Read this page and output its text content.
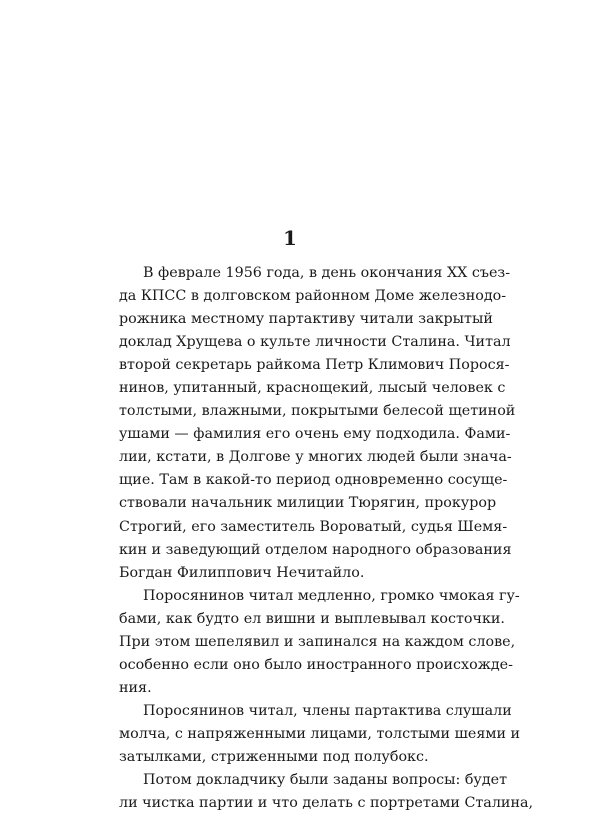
1
В феврале 1956 года, в день окончания XX съез-
да КПСС в долговском районном Доме железнодо-
рожника местному партактиву читали закрытый
доклад Хрущева о культе личности Сталина. Читал
второй секретарь райкома Петр Климович Порося-
нинов, упитанный, краснощекий, лысый человек с
толстыми, влажными, покрытыми белесой щетиной
ушами — фамилия его очень ему подходила. Фами-
лии, кстати, в Долгове у многих людей были знача-
щие. Там в какой-то период одновременно сосуще-
ствовали начальник милиции Тюрягин, прокурор
Строгий, его заместитель Вороватый, судья Шемя-
кин и заведующий отделом народного образования
Богдан Филиппович Нечитайло.
Поросянинов читал медленно, громко чмокая гу-
бами, как будто ел вишни и выплевывал косточки.
При этом шепелявил и запинался на каждом слове,
особенно если оно было иностранного происхожде-
ния.
Поросянинов читал, члены партактива слушали
молча, с напряженными лицами, толстыми шеями и
затылками, стриженными под полубокс.
Потом докладчику были заданы вопросы: будет
ли чистка партии и что делать с портретами Сталина,
